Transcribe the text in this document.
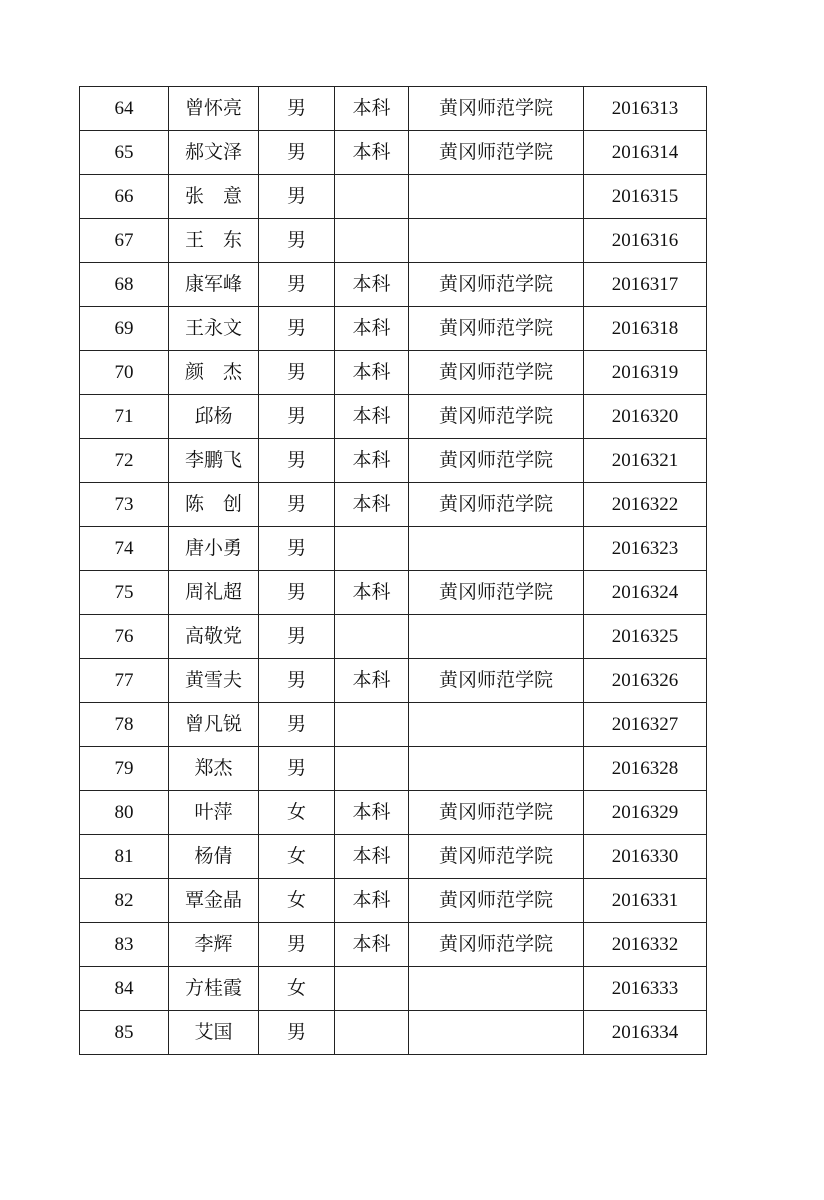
64	曾怀亮	男	本科	黄冈师范学院	2016313
65	郝文泽	男	本科	黄冈师范学院	2016314
66	张　意	男			2016315
67	王　东	男			2016316
68	康军峰	男	本科	黄冈师范学院	2016317
69	王永文	男	本科	黄冈师范学院	2016318
70	颜　杰	男	本科	黄冈师范学院	2016319
71	邱杨	男	本科	黄冈师范学院	2016320
72	李鹏飞	男	本科	黄冈师范学院	2016321
73	陈　创	男	本科	黄冈师范学院	2016322
74	唐小勇	男			2016323
75	周礼超	男	本科	黄冈师范学院	2016324
76	高敬党	男			2016325
77	黄雪夫	男	本科	黄冈师范学院	2016326
78	曾凡锐	男			2016327
79	郑杰	男			2016328
80	叶萍	女	本科	黄冈师范学院	2016329
81	杨倩	女	本科	黄冈师范学院	2016330
82	覃金晶	女	本科	黄冈师范学院	2016331
83	李辉	男	本科	黄冈师范学院	2016332
84	方桂霞	女			2016333
85	艾国	男			2016334
